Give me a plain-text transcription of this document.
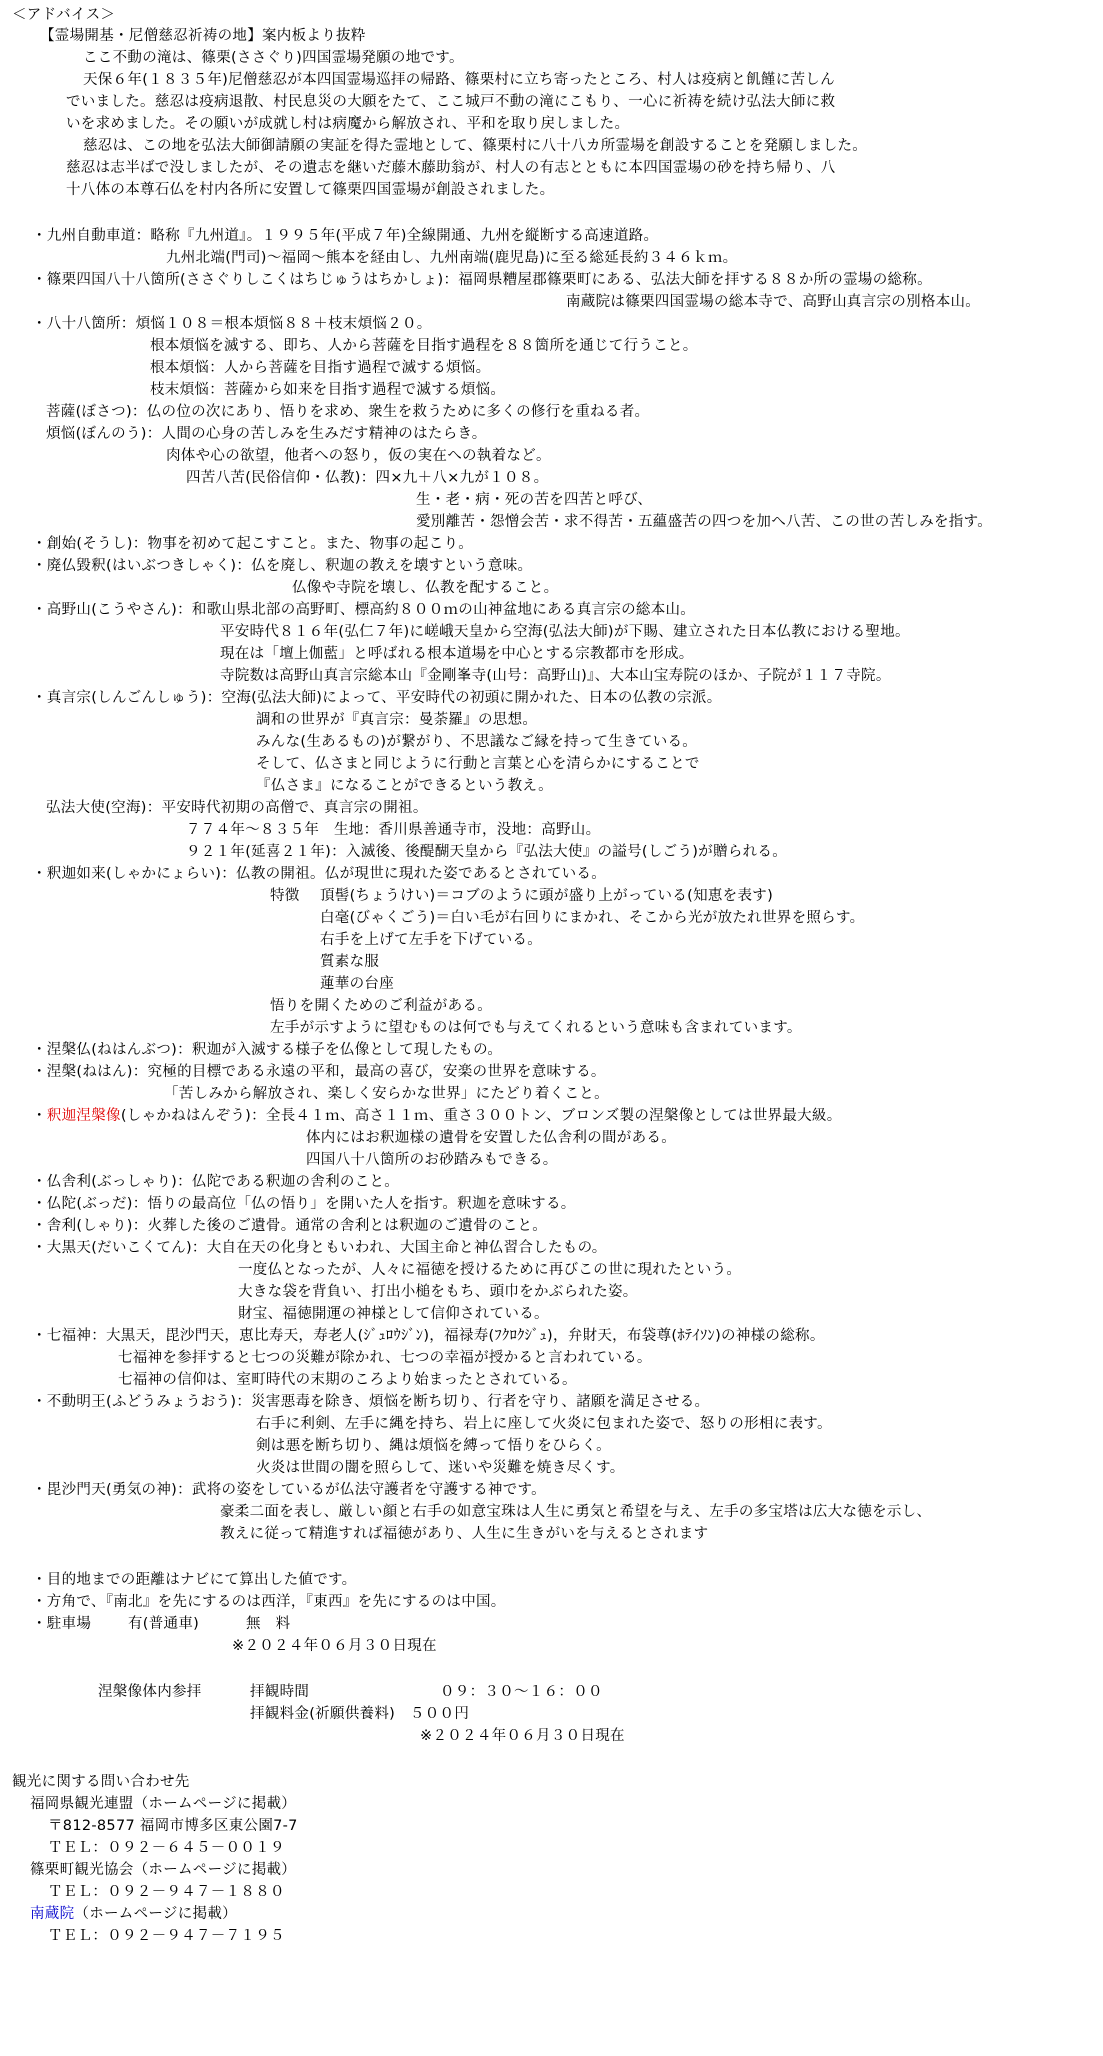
＜アドバイス＞
【霊場開基・尼僧慈忍祈祷の地】案内板より抜粋
ここ不動の滝は、篠栗(ささぐり)四国霊場発願の地です。
天保６年(１８３５年)尼僧慈忍が本四国霊場巡拝の帰路、篠栗村に立ち寄ったところ、村人は疫病と飢饉に苦しん
でいました。慈忍は疫病退散、村民息災の大願をたて、ここ城戸不動の滝にこもり、一心に祈祷を続け弘法大師に救
いを求めました。その願いが成就し村は病魔から解放され、平和を取り戻しました。
慈忍は、この地を弘法大師御請願の実証を得た霊地として、篠栗村に八十八カ所霊場を創設することを発願しました。
慈忍は志半ばで没しましたが、その遺志を継いだ藤木藤助翁が、村人の有志とともに本四国霊場の砂を持ち帰り、八
十八体の本尊石仏を村内各所に安置して篠栗四国霊場が創設されました。
・九州自動車道：略称『九州道』。１９９５年(平成７年)全線開通、九州を縦断する高速道路。
九州北端(門司)～福岡～熊本を経由し、九州南端(鹿児島)に至る総延長約３４６ｋｍ。
・篠栗四国八十八箇所(ささぐりしこくはちじゅうはちかしょ)：福岡県糟屋郡篠栗町にある、弘法大師を拝する８８か所の霊場の総称。
南蔵院は篠栗四国霊場の総本寺で、高野山真言宗の別格本山。
・八十八箇所：煩悩１０８＝根本煩悩８８＋枝末煩悩２０。
根本煩悩を滅する、即ち、人から菩薩を目指す過程を８８箇所を通じて行うこと。
根本煩悩：人から菩薩を目指す過程で滅する煩悩。
枝末煩悩：菩薩から如来を目指す過程で滅する煩悩。
菩薩(ぼさつ)：仏の位の次にあり、悟りを求め、衆生を救うために多くの修行を重ねる者。
煩悩(ぼんのう)：人間の心身の苦しみを生みだす精神のはたらき。
肉体や心の欲望，他者への怒り，仮の実在への執着など。
四苦八苦(民俗信仰・仏教)：四×九＋八×九が１０８。
生・老・病・死の苦を四苦と呼び、
愛別離苦・怨憎会苦・求不得苦・五蘊盛苦の四つを加へ八苦、この世の苦しみを指す。
・創始(そうし)：物事を初めて起こすこと。また、物事の起こり。
・廃仏毀釈(はいぶつきしゃく)：仏を廃し、釈迦の教えを壊すという意味。
仏像や寺院を壊し、仏教を配すること。
・高野山(こうやさん)：和歌山県北部の高野町、標高約８００ｍの山神盆地にある真言宗の総本山。
平安時代８１６年(弘仁７年)に嵯峨天皇から空海(弘法大師)が下賜、建立された日本仏教における聖地。
現在は「壇上伽藍」と呼ばれる根本道場を中心とする宗教都市を形成。
寺院数は高野山真言宗総本山『金剛峯寺(山号：高野山)』、大本山宝寿院のほか、子院が１１７寺院。
・真言宗(しんごんしゅう)：空海(弘法大師)によって、平安時代の初頭に開かれた、日本の仏教の宗派。
調和の世界が『真言宗：曼荼羅』の思想。
みんな(生あるもの)が繋がり、不思議なご縁を持って生きている。
そして、仏さまと同じように行動と言葉と心を清らかにすることで
『仏さま』になることができるという教え。
弘法大使(空海)：平安時代初期の高僧で、真言宗の開祖。
７７４年～８３５年　生地：香川県善通寺市，没地：高野山。
９２１年(延喜２１年)：入滅後、後醍醐天皇から『弘法大使』の謚号(しごう)が贈られる。
・釈迦如来(しゃかにょらい)：仏教の開祖。仏が現世に現れた姿であるとされている。
特徴 頂髻(ちょうけい)＝コブのように頭が盛り上がっている(知恵を表す)
白毫(びゃくごう)＝白い毛が右回りにまかれ、そこから光が放たれ世界を照らす。
右手を上げて左手を下げている。
質素な服
蓮華の台座
悟りを開くためのご利益がある。
左手が示すように望むものは何でも与えてくれるという意味も含まれています。
・涅槃仏(ねはんぶつ)：釈迦が入滅する様子を仏像として現したもの。
・涅槃(ねはん)：究極的目標である永遠の平和，最高の喜び，安楽の世界を意味する。
「苦しみから解放され、楽しく安らかな世界」にたどり着くこと。
・釈迦涅槃像(しゃかねはんぞう)：全長４１ｍ、高さ１１ｍ、重さ３００トン、ブロンズ製の涅槃像としては世界最大級。
体内にはお釈迦様の遺骨を安置した仏舎利の間がある。
四国八十八箇所のお砂踏みもできる。
・仏舎利(ぶっしゃり)：仏陀である釈迦の舎利のこと。
・仏陀(ぶっだ)：悟りの最高位「仏の悟り」を開いた人を指す。釈迦を意味する。
・舎利(しゃり)：火葬した後のご遺骨。通常の舎利とは釈迦のご遺骨のこと。
・大黒天(だいこくてん)：大自在天の化身ともいわれ、大国主命と神仏習合したもの。
一度仏となったが、人々に福徳を授けるために再びこの世に現れたという。
大きな袋を背負い、打出小槌をもち、頭巾をかぶられた姿。
財宝、福徳開運の神様として信仰されている。
・七福神：大黒天，毘沙門天，恵比寿天，寿老人(ｼﾞｭﾛｳｼﾞﾝ)，福禄寿(ﾌｸﾛｸｼﾞｭ)，弁財天，布袋尊(ﾎﾃｲｿﾝ)の神様の総称。
七福神を参拝すると七つの災難が除かれ、七つの幸福が授かると言われている。
七福神の信仰は、室町時代の末期のころより始まったとされている。
・不動明王(ふどうみょうおう)：災害悪毒を除き、煩悩を断ち切り、行者を守り、諸願を満足させる。
右手に利剣、左手に縄を持ち、岩上に座して火炎に包まれた姿で、怒りの形相に表す。
剣は悪を断ち切り、縄は煩悩を縛って悟りをひらく。
火炎は世間の闇を照らして、迷いや災難を焼き尽くす。
・毘沙門天(勇気の神)：武将の姿をしているが仏法守護者を守護する神です。
豪柔二面を表し、厳しい顔と右手の如意宝珠は人生に勇気と希望を与え、左手の多宝塔は広大な徳を示し、
教えに従って精進すれば福徳があり、人生に生きがいを与えるとされます
・目的地までの距離はナビにて算出した値です。
・方角で、『南北』を先にするのは西洋，『東西』を先にするのは中国。
・駐車場	有(普通車)	無　料
※２０２４年０６月３０日現在
涅槃像体内参拝	拝観時間	０９：３０～１６：００
拝観料金(祈願供養料)　５００円
※２０２４年０６月３０日現在
観光に関する問い合わせ先
福岡県観光連盟（ホームページに掲載）
〒812-8577 福岡市博多区東公園7-7
ＴＥＬ：０９２－６４５－００１９
篠栗町観光協会（ホームページに掲載）
ＴＥＬ：０９２－９４７－１８８０
南蔵院（ホームページに掲載）
ＴＥＬ：０９２－９４７－７１９５
